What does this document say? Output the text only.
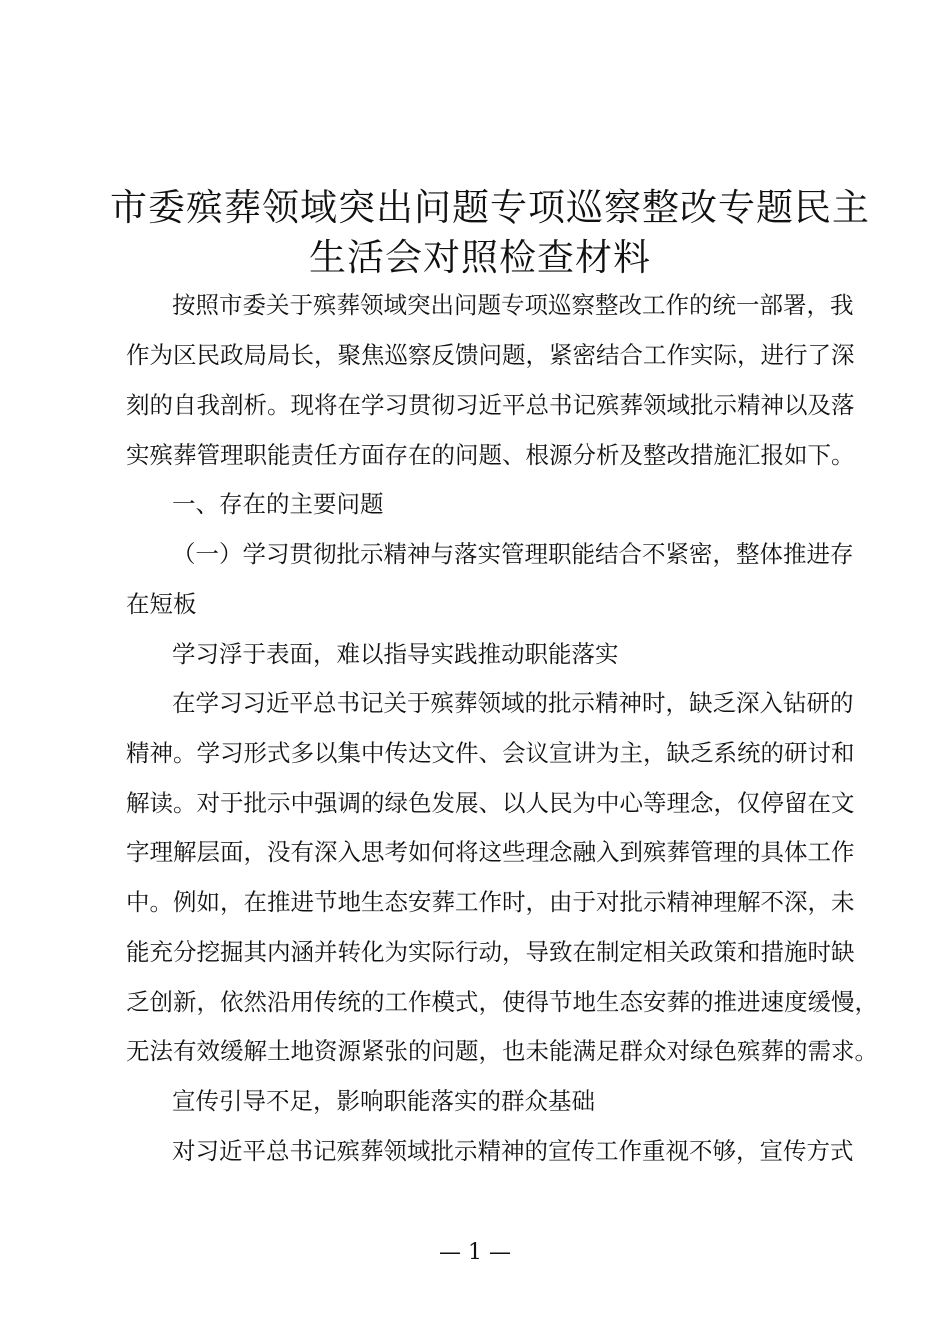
市委殡葬领域突出问题专项巡察整改专题民主
生活会对照检查材料
按照市委关于殡葬领域突出问题专项巡察整改工作的统一部署，我
作为区民政局局长，聚焦巡察反馈问题，紧密结合工作实际，进行了深
刻的自我剖析。现将在学习贯彻习近平总书记殡葬领域批示精神以及落
实殡葬管理职能责任方面存在的问题、根源分析及整改措施汇报如下。
一、存在的主要问题
（一）学习贯彻批示精神与落实管理职能结合不紧密，整体推进存
在短板
学习浮于表面，难以指导实践推动职能落实
在学习习近平总书记关于殡葬领域的批示精神时，缺乏深入钻研的
精神。学习形式多以集中传达文件、会议宣讲为主，缺乏系统的研讨和
解读。对于批示中强调的绿色发展、以人民为中心等理念，仅停留在文
字理解层面，没有深入思考如何将这些理念融入到殡葬管理的具体工作
中。例如，在推进节地生态安葬工作时，由于对批示精神理解不深，未
能充分挖掘其内涵并转化为实际行动，导致在制定相关政策和措施时缺
乏创新，依然沿用传统的工作模式，使得节地生态安葬的推进速度缓慢，
无法有效缓解土地资源紧张的问题，也未能满足群众对绿色殡葬的需求。
宣传引导不足，影响职能落实的群众基础
对习近平总书记殡葬领域批示精神的宣传工作重视不够，宣传方式
— 1 —
